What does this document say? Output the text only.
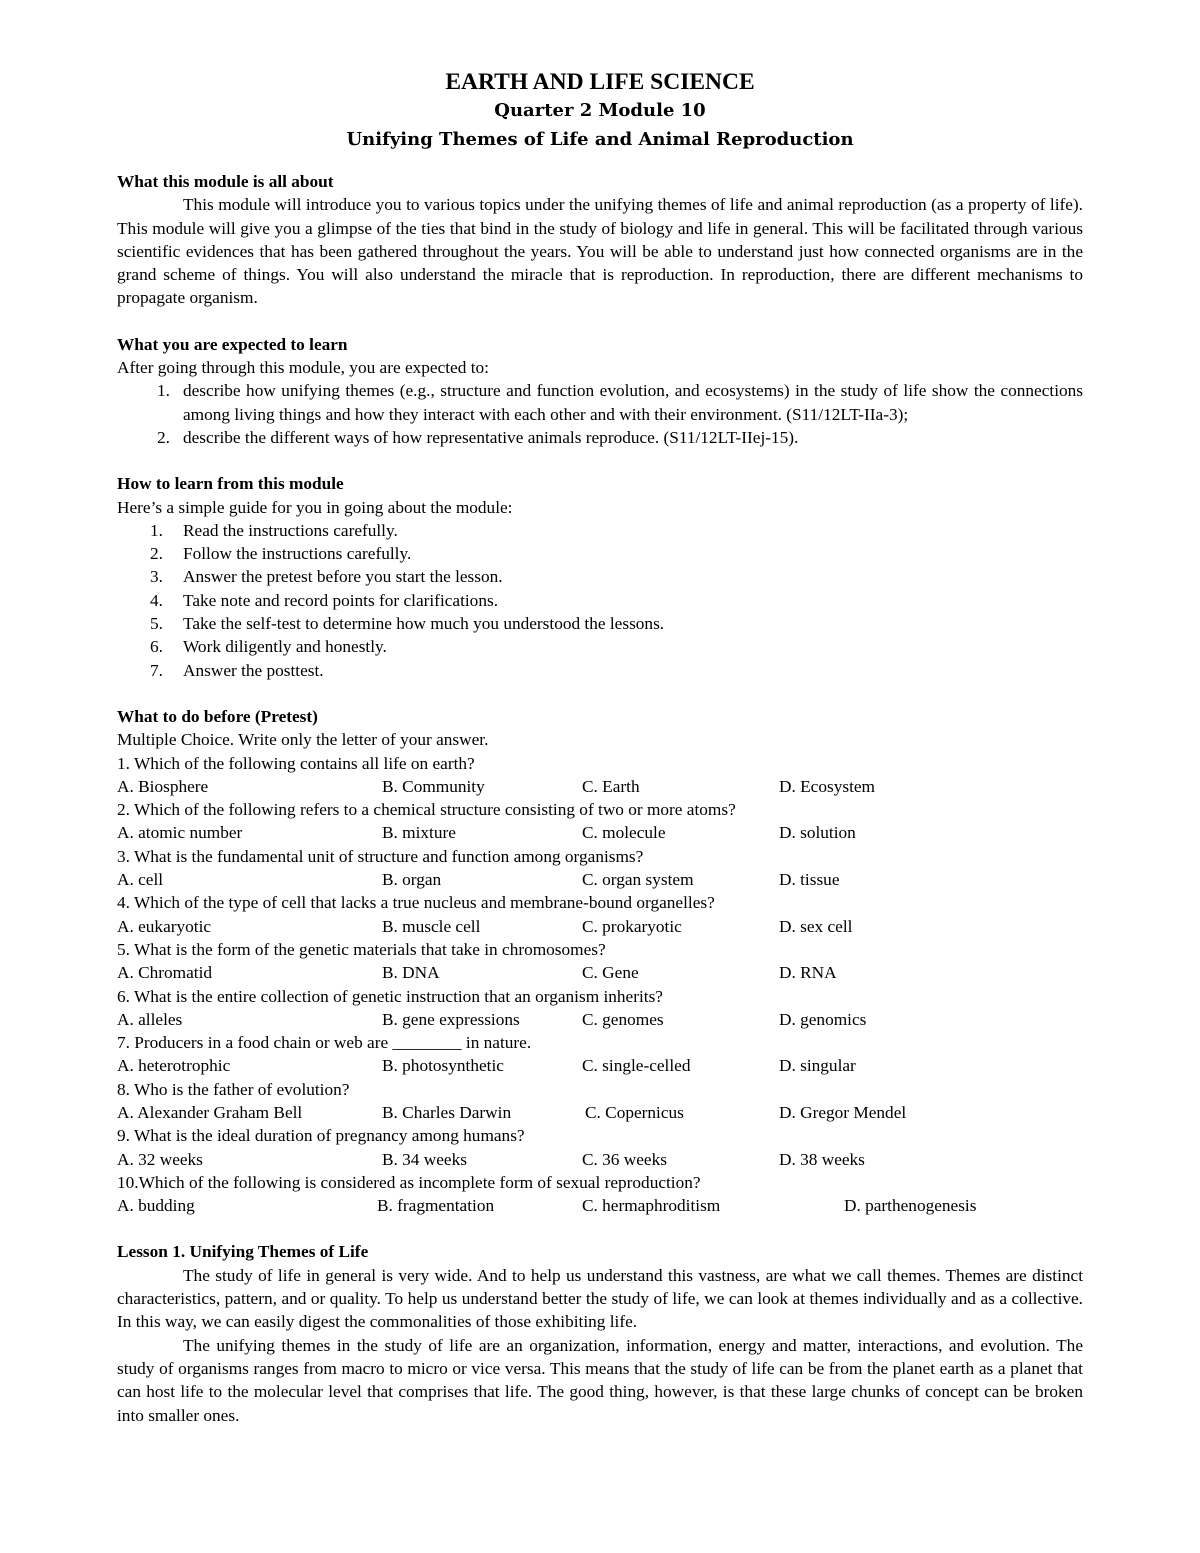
EARTH AND LIFE SCIENCE

Quarter 2 Module 10

Unifying Themes of Life and Animal Reproduction

What this module is all about

This module will introduce you to various topics under the unifying themes of life and animal reproduction (as a property of life). This module will give you a glimpse of the ties that bind in the study of biology and life in general. This will be facilitated through various scientific evidences that has been gathered throughout the years. You will be able to understand just how connected organisms are in the grand scheme of things. You will also understand the miracle that is reproduction. In reproduction, there are different mechanisms to propagate organism.

What you are expected to learn

After going through this module, you are expected to:

1. describe how unifying themes (e.g., structure and function evolution, and ecosystems) in the study of life show the connections among living things and how they interact with each other and with their environment. (S11/12LT-IIa-3);
2. describe the different ways of how representative animals reproduce. (S11/12LT-IIej-15).

How to learn from this module

Here’s a simple guide for you in going about the module:

1.	Read the instructions carefully.
2.	Follow the instructions carefully.
3.	Answer the pretest before you start the lesson.
4.	Take note and record points for clarifications.
5.	Take the self-test to determine how much you understood the lessons.
6.	Work diligently and honestly.
7.	Answer the posttest.

What to do before (Pretest)

Multiple Choice. Write only the letter of your answer.

1. Which of the following contains all life on earth?

A. Biosphere	B. Community	C. Earth	D. Ecosystem

2. Which of the following refers to a chemical structure consisting of two or more atoms?

A. atomic number	B. mixture	C. molecule	D. solution

3. What is the fundamental unit of structure and function among organisms?

A. cell	B. organ	C. organ system	D. tissue

4. Which of the type of cell that lacks a true nucleus and membrane-bound organelles?

A. eukaryotic	B. muscle cell	C. prokaryotic	D. sex cell

5. What is the form of the genetic materials that take in chromosomes?

A. Chromatid	B. DNA	C. Gene	D. RNA

6. What is the entire collection of genetic instruction that an organism inherits?

A. alleles	B. gene expressions	C. genomes	D. genomics

7. Producers in a food chain or web are ________ in nature.

A. heterotrophic	B. photosynthetic	C. single-celled	D. singular

8. Who is the father of evolution?

A. Alexander Graham Bell	B. Charles Darwin	C. Copernicus	D. Gregor Mendel

9. What is the ideal duration of pregnancy among humans?

A. 32 weeks	B. 34 weeks	C. 36 weeks	D. 38 weeks

10.Which of the following is considered as incomplete form of sexual reproduction?

A. budding	B. fragmentation	C. hermaphroditism	D. parthenogenesis

Lesson 1. Unifying Themes of Life

The study of life in general is very wide. And to help us understand this vastness, are what we call themes. Themes are distinct characteristics, pattern, and or quality. To help us understand better the study of life, we can look at themes individually and as a collective. In this way, we can easily digest the commonalities of those exhibiting life.

The unifying themes in the study of life are an organization, information, energy and matter, interactions, and evolution. The study of organisms ranges from macro to micro or vice versa. This means that the study of life can be from the planet earth as a planet that can host life to the molecular level that comprises that life. The good thing, however, is that these large chunks of concept can be broken into smaller ones.
